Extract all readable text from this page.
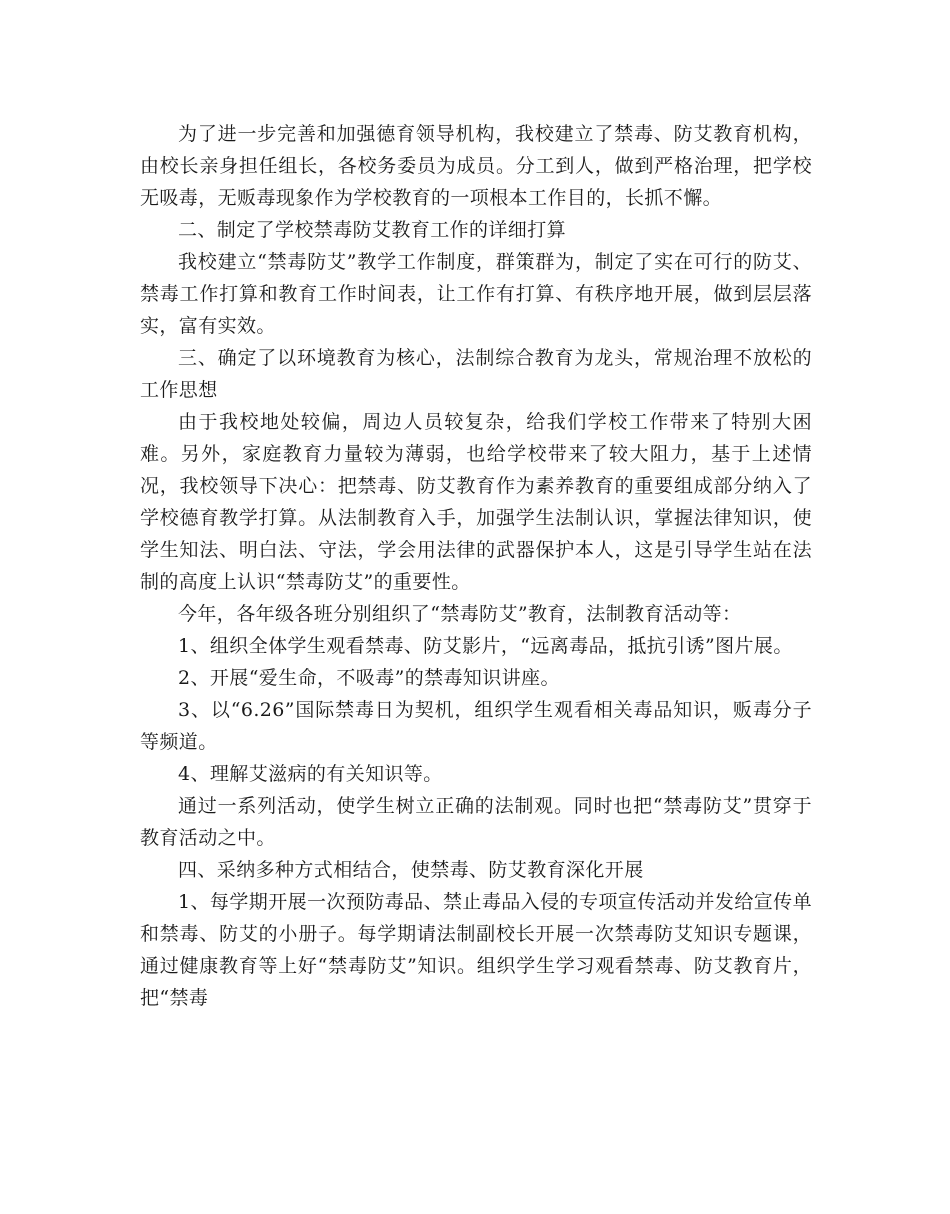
为了进一步完善和加强德育领导机构，我校建立了禁毒、防艾教育机构，由校长亲身担任组长，各校务委员为成员。分工到人，做到严格治理，把学校无吸毒，无贩毒现象作为学校教育的一项根本工作目的，长抓不懈。

二、制定了学校禁毒防艾教育工作的详细打算

我校建立“禁毒防艾”教学工作制度，群策群为，制定了实在可行的防艾、禁毒工作打算和教育工作时间表，让工作有打算、有秩序地开展，做到层层落实，富有实效。

三、确定了以环境教育为核心，法制综合教育为龙头，常规治理不放松的工作思想

由于我校地处较偏，周边人员较复杂，给我们学校工作带来了特别大困难。另外，家庭教育力量较为薄弱，也给学校带来了较大阻力，基于上述情况，我校领导下决心：把禁毒、防艾教育作为素养教育的重要组成部分纳入了学校德育教学打算。从法制教育入手，加强学生法制认识，掌握法律知识，使学生知法、明白法、守法，学会用法律的武器保护本人，这是引导学生站在法制的高度上认识“禁毒防艾”的重要性。

今年，各年级各班分别组织了“禁毒防艾”教育，法制教育活动等：

1、组织全体学生观看禁毒、防艾影片，“远离毒品，抵抗引诱”图片展。

2、开展“爱生命，不吸毒”的禁毒知识讲座。

3、以“6.26”国际禁毒日为契机，组织学生观看相关毒品知识，贩毒分子等频道。

4、理解艾滋病的有关知识等。

通过一系列活动，使学生树立正确的法制观。同时也把“禁毒防艾”贯穿于教育活动之中。

四、采纳多种方式相结合，使禁毒、防艾教育深化开展

1、每学期开展一次预防毒品、禁止毒品入侵的专项宣传活动并发给宣传单和禁毒、防艾的小册子。每学期请法制副校长开展一次禁毒防艾知识专题课，通过健康教育等上好“禁毒防艾”知识。组织学生学习观看禁毒、防艾教育片，把“禁毒
